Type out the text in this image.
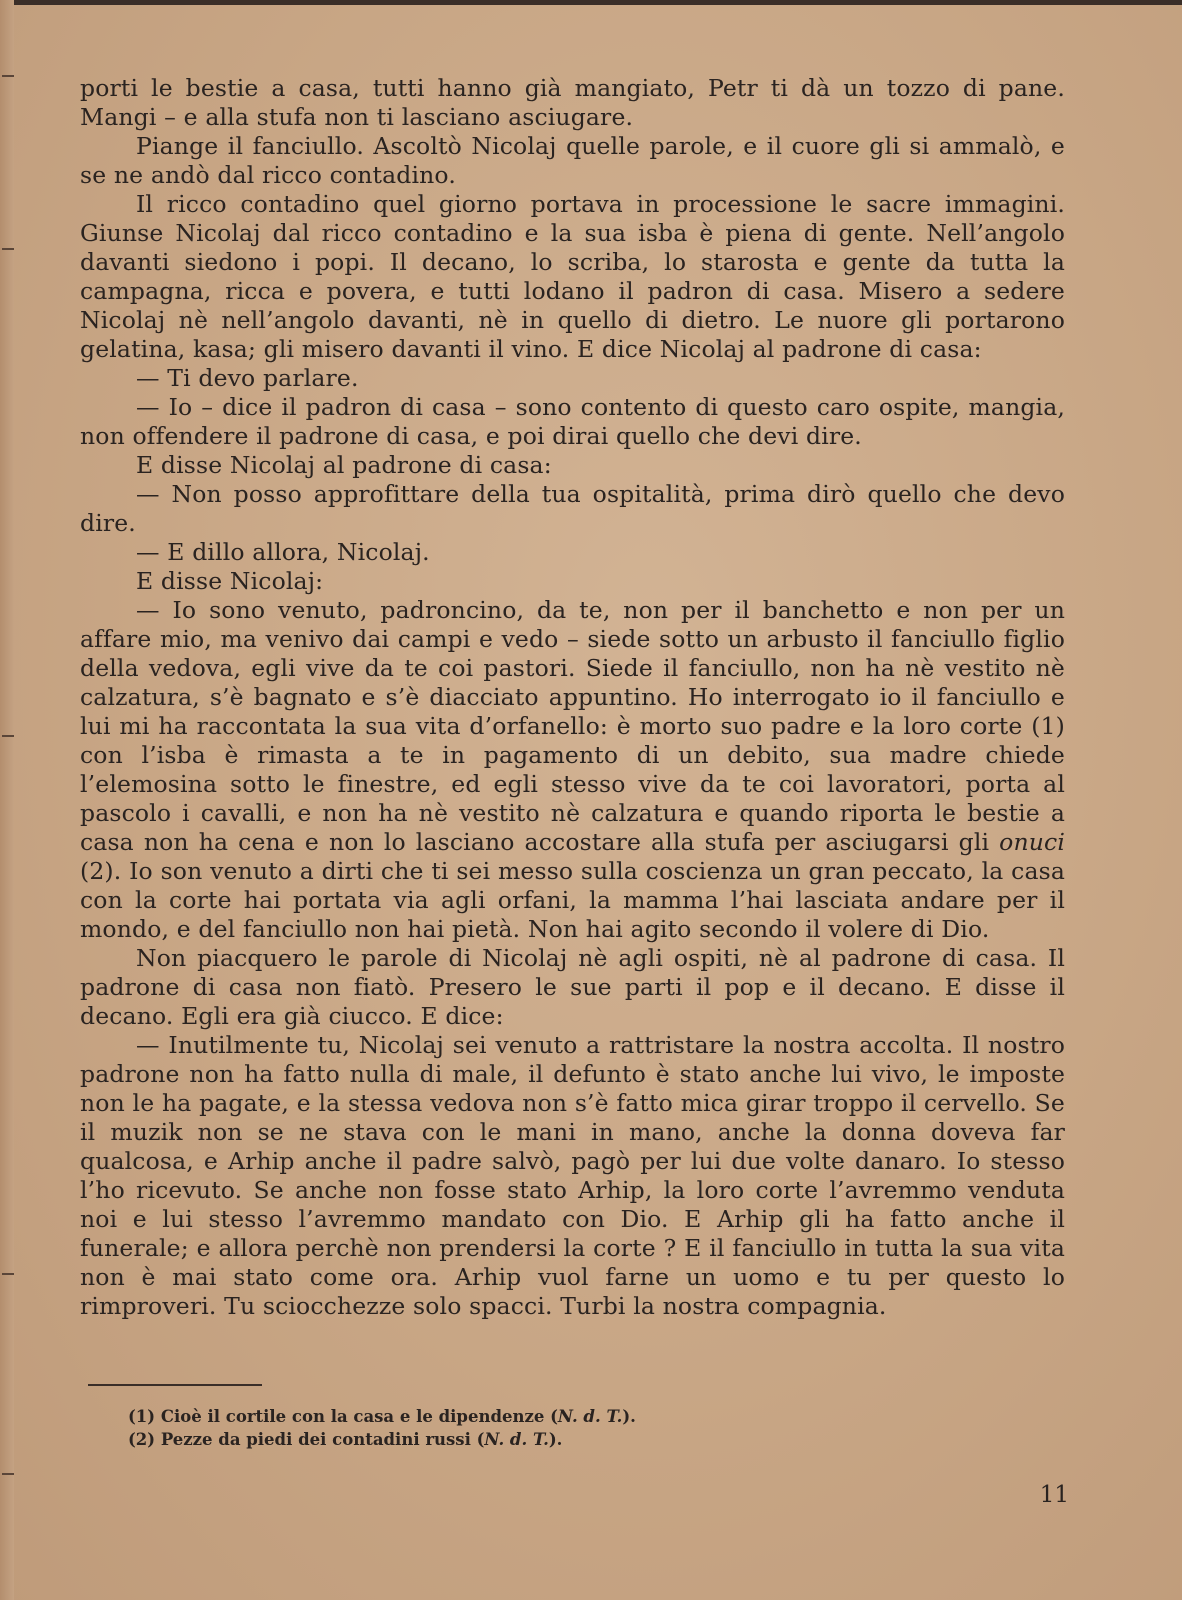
porti le bestie a casa, tutti hanno già mangiato, Petr ti dà un tozzo di pane. Mangi – e alla stufa non ti lasciano asciugare.

Piange il fanciullo. Ascoltò Nicolaj quelle parole, e il cuore gli si ammalò, e se ne andò dal ricco contadino.

Il ricco contadino quel giorno portava in processione le sacre immagini. Giunse Nicolaj dal ricco contadino e la sua isba è piena di gente. Nell’angolo davanti siedono i popi. Il decano, lo scriba, lo starosta e gente da tutta la campagna, ricca e povera, e tutti lodano il padron di casa. Misero a sedere Nicolaj nè nell’angolo davanti, nè in quello di dietro. Le nuore gli portarono gelatina, kasa; gli misero davanti il vino. E dice Nicolaj al padrone di casa:

— Ti devo parlare.

— Io – dice il padron di casa – sono contento di questo caro ospite, mangia, non offendere il padrone di casa, e poi dirai quello che devi dire.

E disse Nicolaj al padrone di casa:

— Non posso approfittare della tua ospitalità, prima dirò quello che devo dire.

— E dillo allora, Nicolaj.

E disse Nicolaj:

— Io sono venuto, padroncino, da te, non per il banchetto e non per un affare mio, ma venivo dai campi e vedo – siede sotto un arbusto il fanciullo figlio della vedova, egli vive da te coi pastori. Siede il fanciullo, non ha nè vestito nè calzatura, s’è bagnato e s’è diacciato appuntino. Ho interrogato io il fanciullo e lui mi ha raccontata la sua vita d’orfanello: è morto suo padre e la loro corte (1) con l’isba è rimasta a te in pagamento di un debito, sua madre chiede l’elemosina sotto le finestre, ed egli stesso vive da te coi lavoratori, porta al pascolo i cavalli, e non ha nè vestito nè calzatura e quando riporta le bestie a casa non ha cena e non lo lasciano accostare alla stufa per asciugarsi gli onuci (2). Io son venuto a dirti che ti sei messo sulla coscienza un gran peccato, la casa con la corte hai portata via agli orfani, la mamma l’hai lasciata andare per il mondo, e del fanciullo non hai pietà. Non hai agito secondo il volere di Dio.

Non piacquero le parole di Nicolaj nè agli ospiti, nè al padrone di casa. Il padrone di casa non fiatò. Presero le sue parti il pop e il decano. E disse il decano. Egli era già ciucco. E dice:

— Inutilmente tu, Nicolaj sei venuto a rattristare la nostra accolta. Il nostro padrone non ha fatto nulla di male, il defunto è stato anche lui vivo, le imposte non le ha pagate, e la stessa vedova non s’è fatto mica girar troppo il cervello. Se il muzik non se ne stava con le mani in mano, anche la donna doveva far qualcosa, e Arhip anche il padre salvò, pagò per lui due volte danaro. Io stesso l’ho ricevuto. Se anche non fosse stato Arhip, la loro corte l’avremmo venduta noi e lui stesso l’avremmo mandato con Dio. E Arhip gli ha fatto anche il funerale; e allora perchè non prendersi la corte ? E il fanciullo in tutta la sua vita non è mai stato come ora. Arhip vuol farne un uomo e tu per questo lo rimproveri. Tu sciocchezze solo spacci. Turbi la nostra compagnia.

(1) Cioè il cortile con la casa e le dipendenze (N. d. T.).
(2) Pezze da piedi dei contadini russi (N. d. T.).
11
